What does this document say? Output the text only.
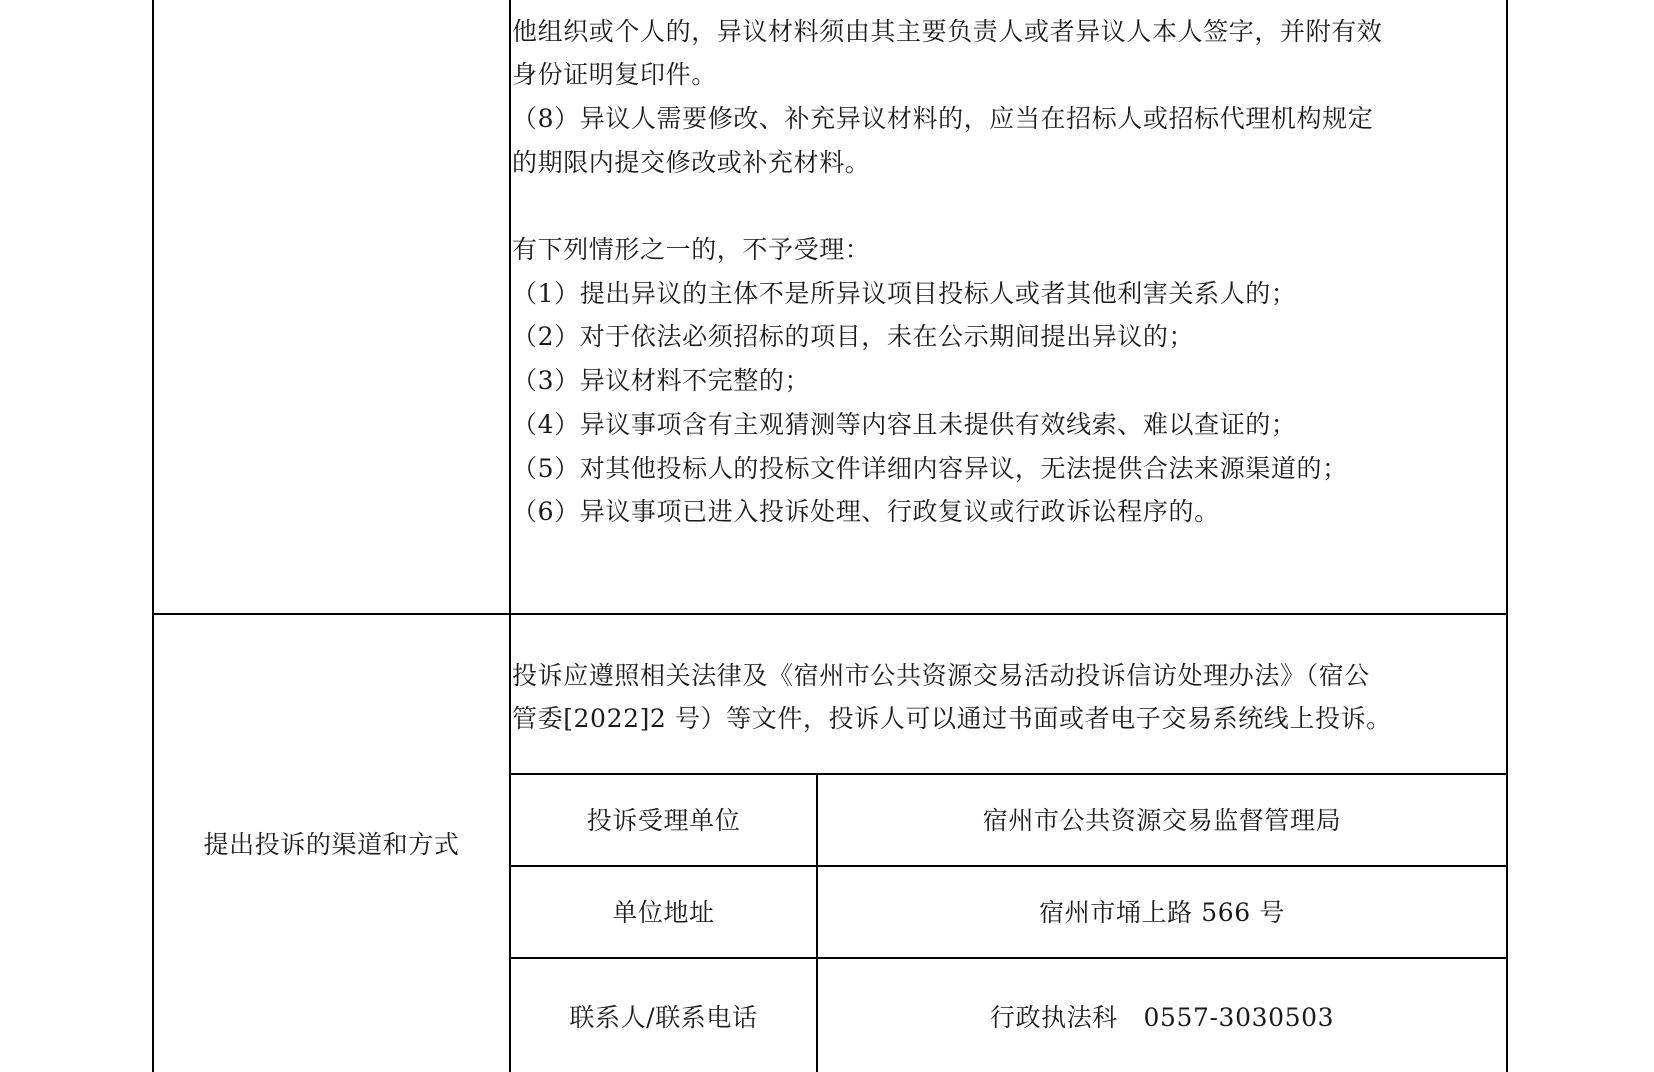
他组织或个人的，异议材料须由其主要负责人或者异议人本人签字，并附有效
身份证明复印件。
（8）异议人需要修改、补充异议材料的，应当在招标人或招标代理机构规定
的期限内提交修改或补充材料。
有下列情形之一的，不予受理：
（1）提出异议的主体不是所异议项目投标人或者其他利害关系人的；
（2）对于依法必须招标的项目，未在公示期间提出异议的；
（3）异议材料不完整的；
（4）异议事项含有主观猜测等内容且未提供有效线索、难以查证的；
（5）对其他投标人的投标文件详细内容异议，无法提供合法来源渠道的；
（6）异议事项已进入投诉处理、行政复议或行政诉讼程序的。
提出投诉的渠道和方式
投诉应遵照相关法律及《宿州市公共资源交易活动投诉信访处理办法》（宿公
管委[2022]2 号）等文件，投诉人可以通过书面或者电子交易系统线上投诉。
投诉受理单位	宿州市公共资源交易监督管理局
单位地址	宿州市埇上路 566 号
联系人/联系电话	行政执法科　0557-3030503
